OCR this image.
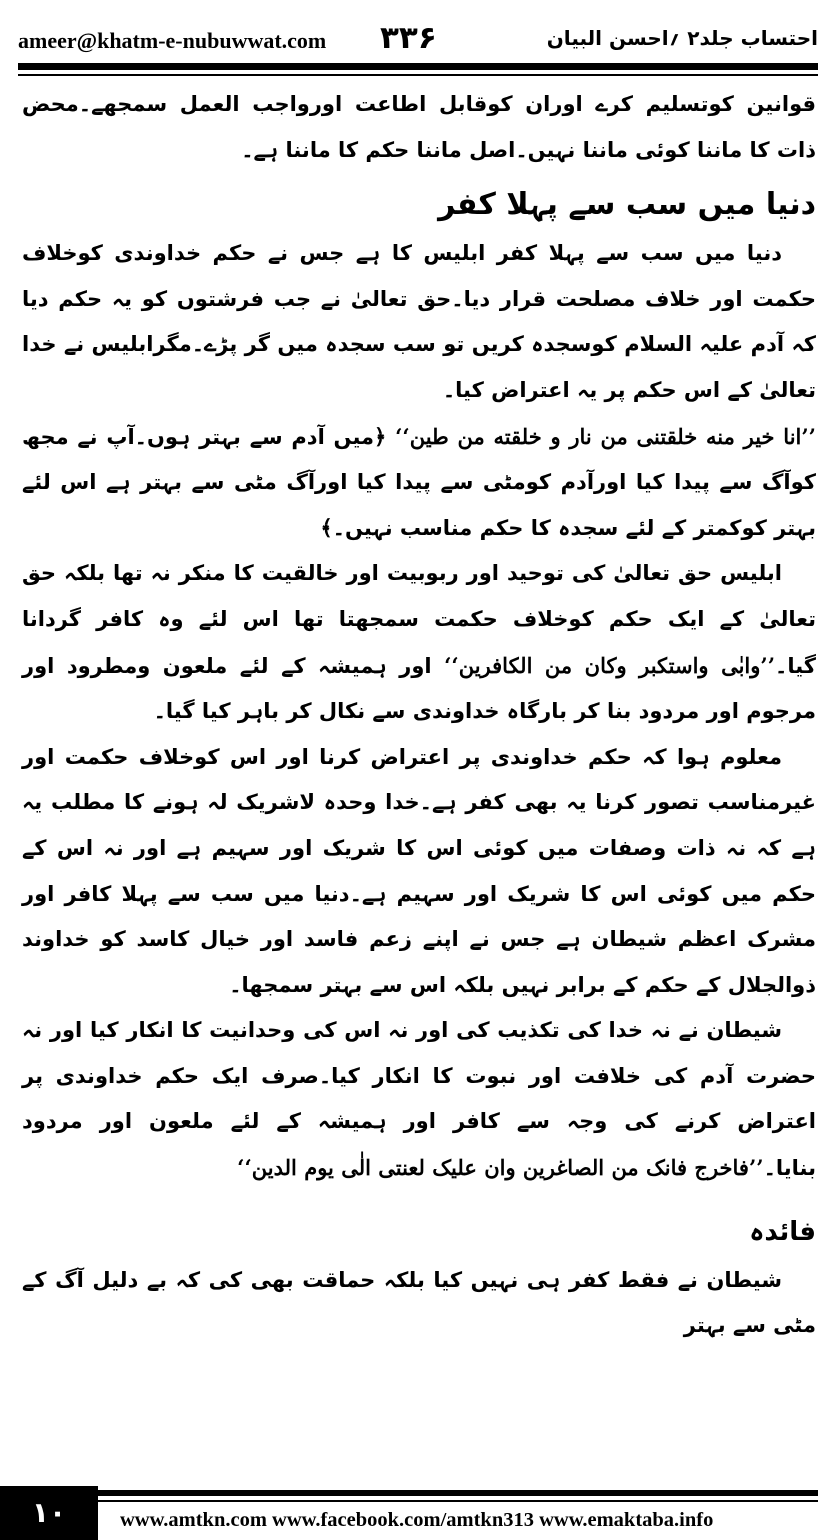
ameer@khatm-e-nubuwwat.com ۳۳۶	احتساب جلد۲ ؍احسن البیان

قوانین کوتسلیم کرے اوران کوقابل اطاعت اورواجب العمل سمجھے۔محض ذات کا ماننا کوئی ماننا نہیں۔اصل ماننا حکم کا ماننا ہے۔

دنیا میں سب سے پہلا کفر

دنیا میں سب سے پہلا کفر ابلیس کا ہے جس نے حکم خداوندی کوخلاف حکمت اور خلاف مصلحت قرار دیا۔حق تعالیٰ نے جب فرشتوں کو یہ حکم دیا کہ آدم علیہ السلام کوسجدہ کریں تو سب سجدہ میں گر پڑے۔مگرابلیس نے خدا تعالیٰ کے اس حکم پر یہ اعتراض کیا۔

’’انا خیر منه خلقتنی من نار و خلقته من طین‘‘ ﴿میں آدم سے بہتر ہوں۔آپ نے مجھ کوآگ سے پیدا کیا اورآدم کومٹی سے پیدا کیا اورآگ مٹی سے بہتر ہے اس لئے بہتر کوکمتر کے لئے سجدہ کا حکم مناسب نہیں۔﴾

ابلیس حق تعالیٰ کی توحید اور ربوبیت اور خالقیت کا منکر نہ تھا بلکہ حق تعالیٰ کے ایک حکم کوخلاف حکمت سمجھتا تھا اس لئے وہ کافر گردانا گیا۔’’وابٰی واستکبر وکان من الکافرین‘‘ اور ہمیشہ کے لئے ملعون ومطرود اور مرجوم اور مردود بنا کر بارگاہ خداوندی سے نکال کر باہر کیا گیا۔

معلوم ہوا کہ حکم خداوندی پر اعتراض کرنا اور اس کوخلاف حکمت اور غیرمناسب تصور کرنا یہ بھی کفر ہے۔خدا وحدہ لاشریک لہ ہونے کا مطلب یہ ہے کہ نہ ذات وصفات میں کوئی اس کا شریک اور سہیم ہے اور نہ اس کے حکم میں کوئی اس کا شریک اور سہیم ہے۔دنیا میں سب سے پہلا کافر اور مشرک اعظم شیطان ہے جس نے اپنے زعم فاسد اور خیال کاسد کو خداوند ذوالجلال کے حکم کے برابر نہیں بلکہ اس سے بہتر سمجھا۔

شیطان نے نہ خدا کی تکذیب کی اور نہ اس کی وحدانیت کا انکار کیا اور نہ حضرت آدم کی خلافت اور نبوت کا انکار کیا۔صرف ایک حکم خداوندی پر اعتراض کرنے کی وجہ سے کافر اور ہمیشہ کے لئے ملعون اور مردود بنایا۔’’فاخرج فانک من الصاغرین وان علیک لعنتی الٰی یوم الدین‘‘

فائدہ

شیطان نے فقط کفر ہی نہیں کیا بلکہ حماقت بھی کی کہ بے دلیل آگ کے مٹی سے بہتر

۱۰	www.amtkn.com www.facebook.com/amtkn313 www.emaktaba.info
